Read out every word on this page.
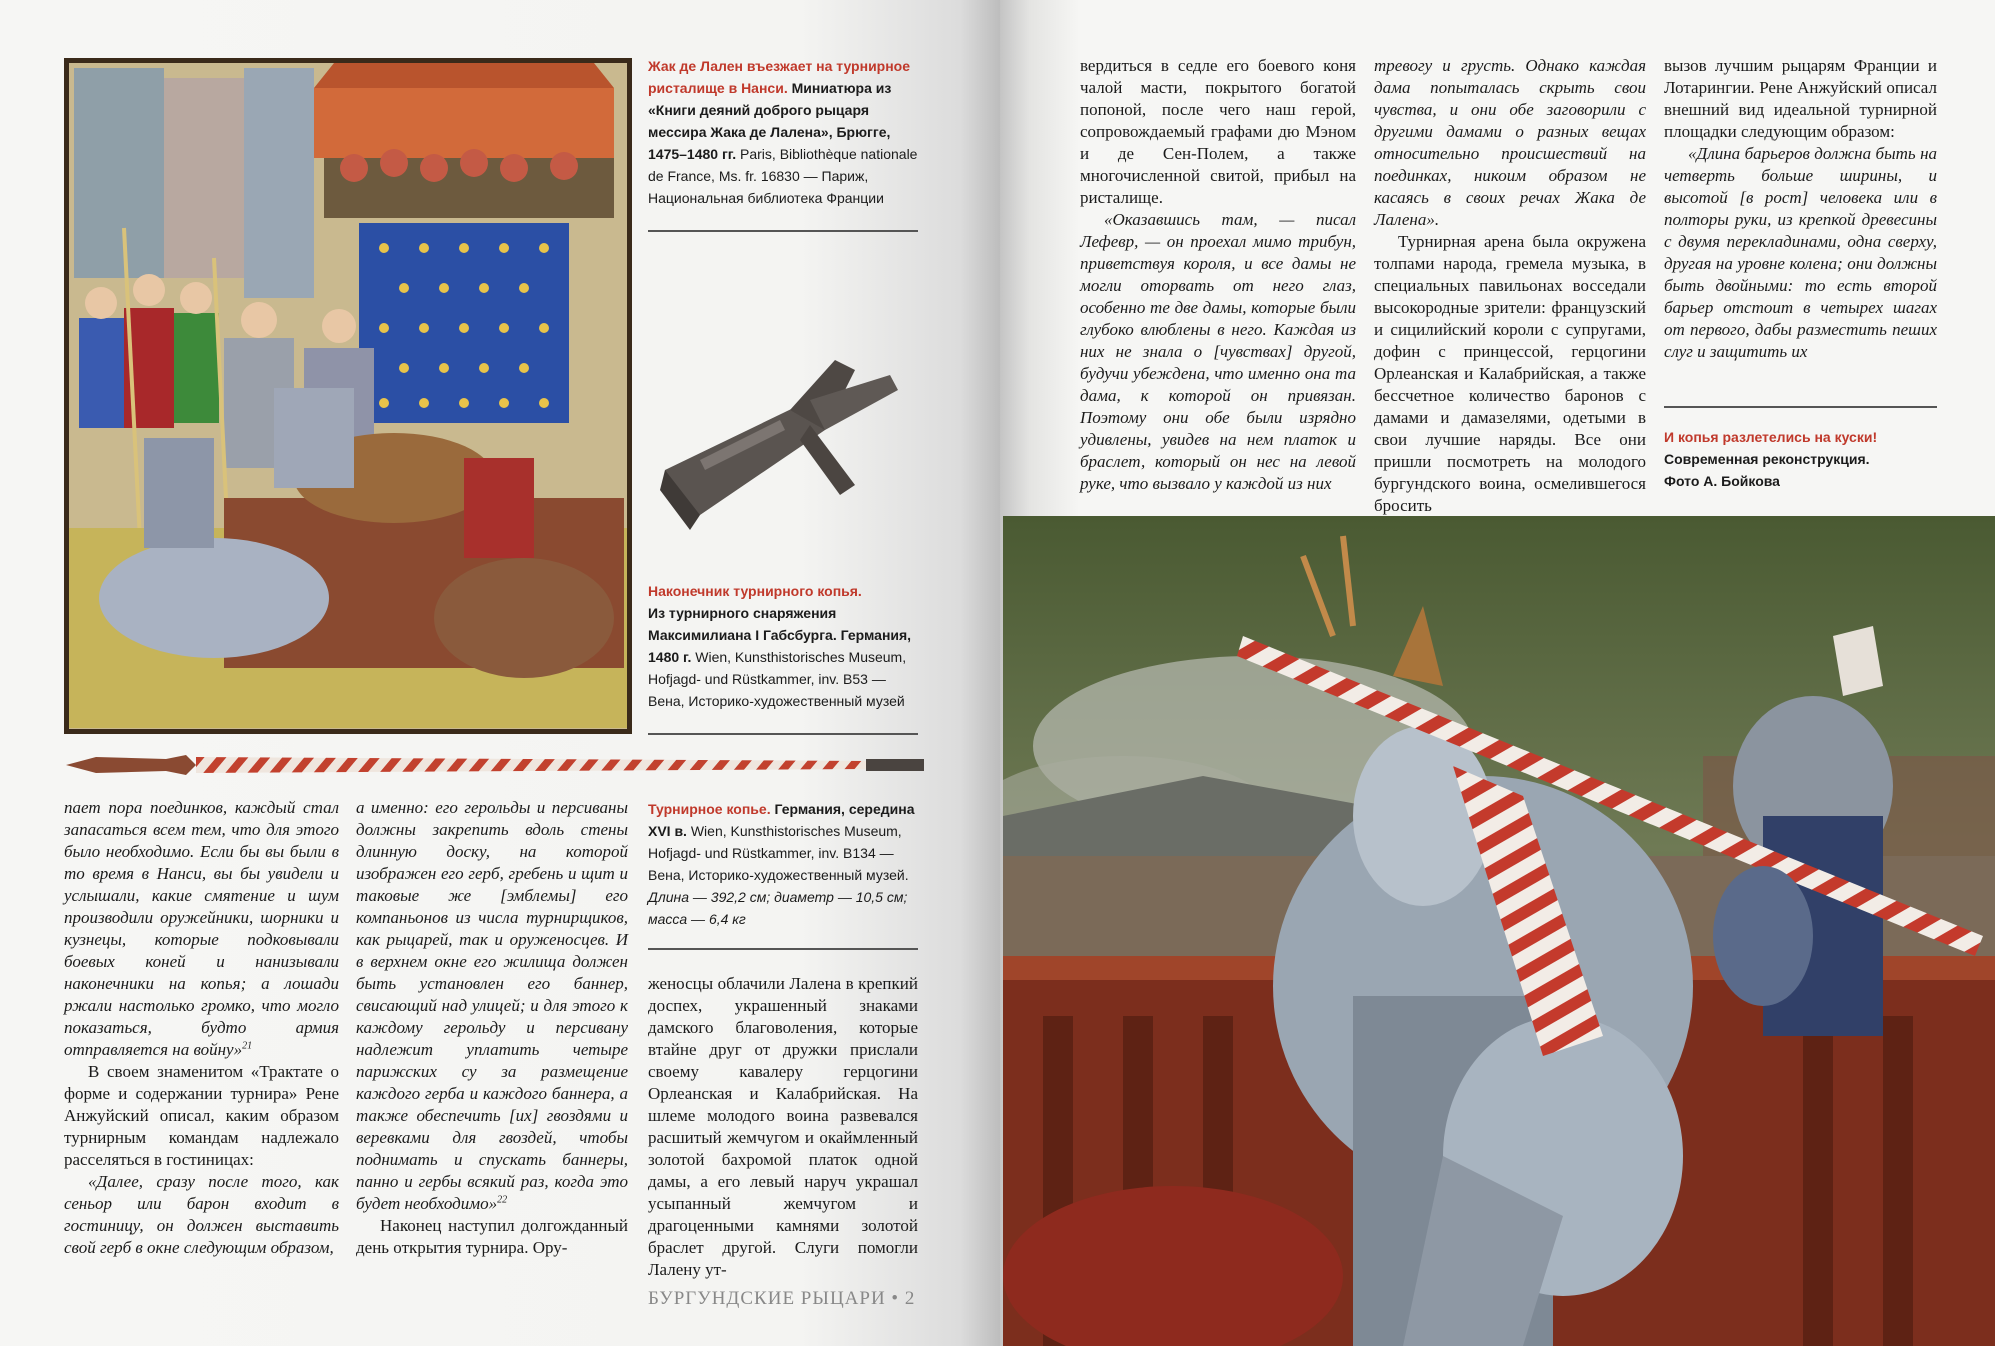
Жак де Лален въезжает на турнирное ристалище в Нанси. Миниатюра из «Книги деяний доброго рыцаря мессира Жака де Лалена», Брюгге, 1475–1480 гг. Paris, Bibliothèque nationale de France, Ms. fr. 16830 — Париж, Национальная библиотека Франции
Наконечник турнирного копья.
Из турнирного снаряжения Максимилиана I Габсбурга. Германия, 1480 г. Wien, Kunsthistorisches Museum, Hofjagd- und Rüstkammer, inv. B53 — Вена, Историко-художественный музей
Турнирное копье. Германия, середина XVI в. Wien, Kunsthistorisches Museum, Hofjagd- und Rüstkammer, inv. B134 — Вена, Историко-художественный музей. Длина — 392,2 см; диаметр — 10,5 см; масса — 6,4 кг

пает пора поединков, каждый стал запасаться всем тем, что для этого было необходимо. Если бы вы были в то время в Нанси, вы бы увидели и услышали, какие смятение и шум производили оружейники, шорники и кузнецы, которые подковывали боевых коней и нанизывали наконечники на копья; а лошади ржали настолько громко, что могло показаться, будто армия отправляется на войну»$^{21}$

В своем знаменитом «Трактате о форме и содержании турнира» Рене Анжуйский описал, каким образом турнирным командам надлежало расселяться в гостиницах:

«Далее, сразу после того, как сеньор или барон входит в гостиницу, он должен выставить свой герб в окне следующим образом,

а именно: его герольды и персиваны должны закрепить вдоль стены длинную доску, на которой изображен его герб, гребень и щит и таковые же [эмблемы] его компаньонов из числа турнирщиков, как рыцарей, так и оруженосцев. И в верхнем окне его жилища должен быть установлен его баннер, свисающий над улицей; и для этого к каждому герольду и персивану надлежит уплатить четыре парижских су за размещение каждого герба и каждого баннера, а также обеспечить [их] гвоздями и веревками для гвоздей, чтобы поднимать и спускать баннеры, панно и гербы всякий раз, когда это будет необходимо»$^{22}$

Наконец наступил долгожданный день открытия турнира. Ору-

женосцы облачили Лалена в крепкий доспех, украшенный знаками дамского благоволения, которые втайне друг от дружки прислали своему кавалеру герцогини Орлеанская и Калабрийская. На шлеме молодого воина развевался расшитый жемчугом и окаймленный золотой бахромой платок одной дамы, а его левый наруч украшал усыпанный жемчугом и драгоценными камнями золотой браслет другой. Слуги помогли Лалену ут-

БУРГУНДСКИЕ РЫЦАРИ • 2

вердиться в седле его боевого коня чалой масти, покрытого богатой попоной, после чего наш герой, сопровождаемый графами дю Мэном и де Сен-Полем, а также многочисленной свитой, прибыл на ристалище.

«Оказавшись там, — писал Лефевр, — он проехал мимо трибун, приветствуя короля, и все дамы не могли оторвать от него глаз, особенно те две дамы, которые были глубоко влюблены в него. Каждая из них не знала о [чувствах] другой, будучи убеждена, что именно она та дама, к которой он привязан. Поэтому они обе были изрядно удивлены, увидев на нем платок и браслет, который он нес на левой руке, что вызвало у каждой из них

тревогу и грусть. Однако каждая дама попыталась скрыть свои чувства, и они обе заговорили с другими дамами о разных вещах относительно происшествий на поединках, никоим образом не касаясь в своих речах Жака де Лалена».

Турнирная арена была окружена толпами народа, гремела музыка, в специальных павильонах восседали высокородные зрители: французский и сицилийский короли с супругами, дофин с принцессой, герцогини Орлеанская и Калабрийская, а также бессчетное количество баронов с дамами и дамазелями, одетыми в свои лучшие наряды. Все они пришли посмотреть на молодого бургундского воина, осмелившегося бросить

вызов лучшим рыцарям Франции и Лотарингии. Рене Анжуйский описал внешний вид идеальной турнирной площадки следующим образом:

«Длина барьеров должна быть на четверть больше ширины, и высотой [в рост] человека или в полторы руки, из крепкой древесины с двумя перекладинами, одна сверху, другая на уровне колена; они должны быть двойными: то есть второй барьер отстоит в четырех шагах от первого, дабы разместить пеших слуг и защитить их

И копья разлетелись на куски!
Современная реконструкция.
Фото А. Бойкова
